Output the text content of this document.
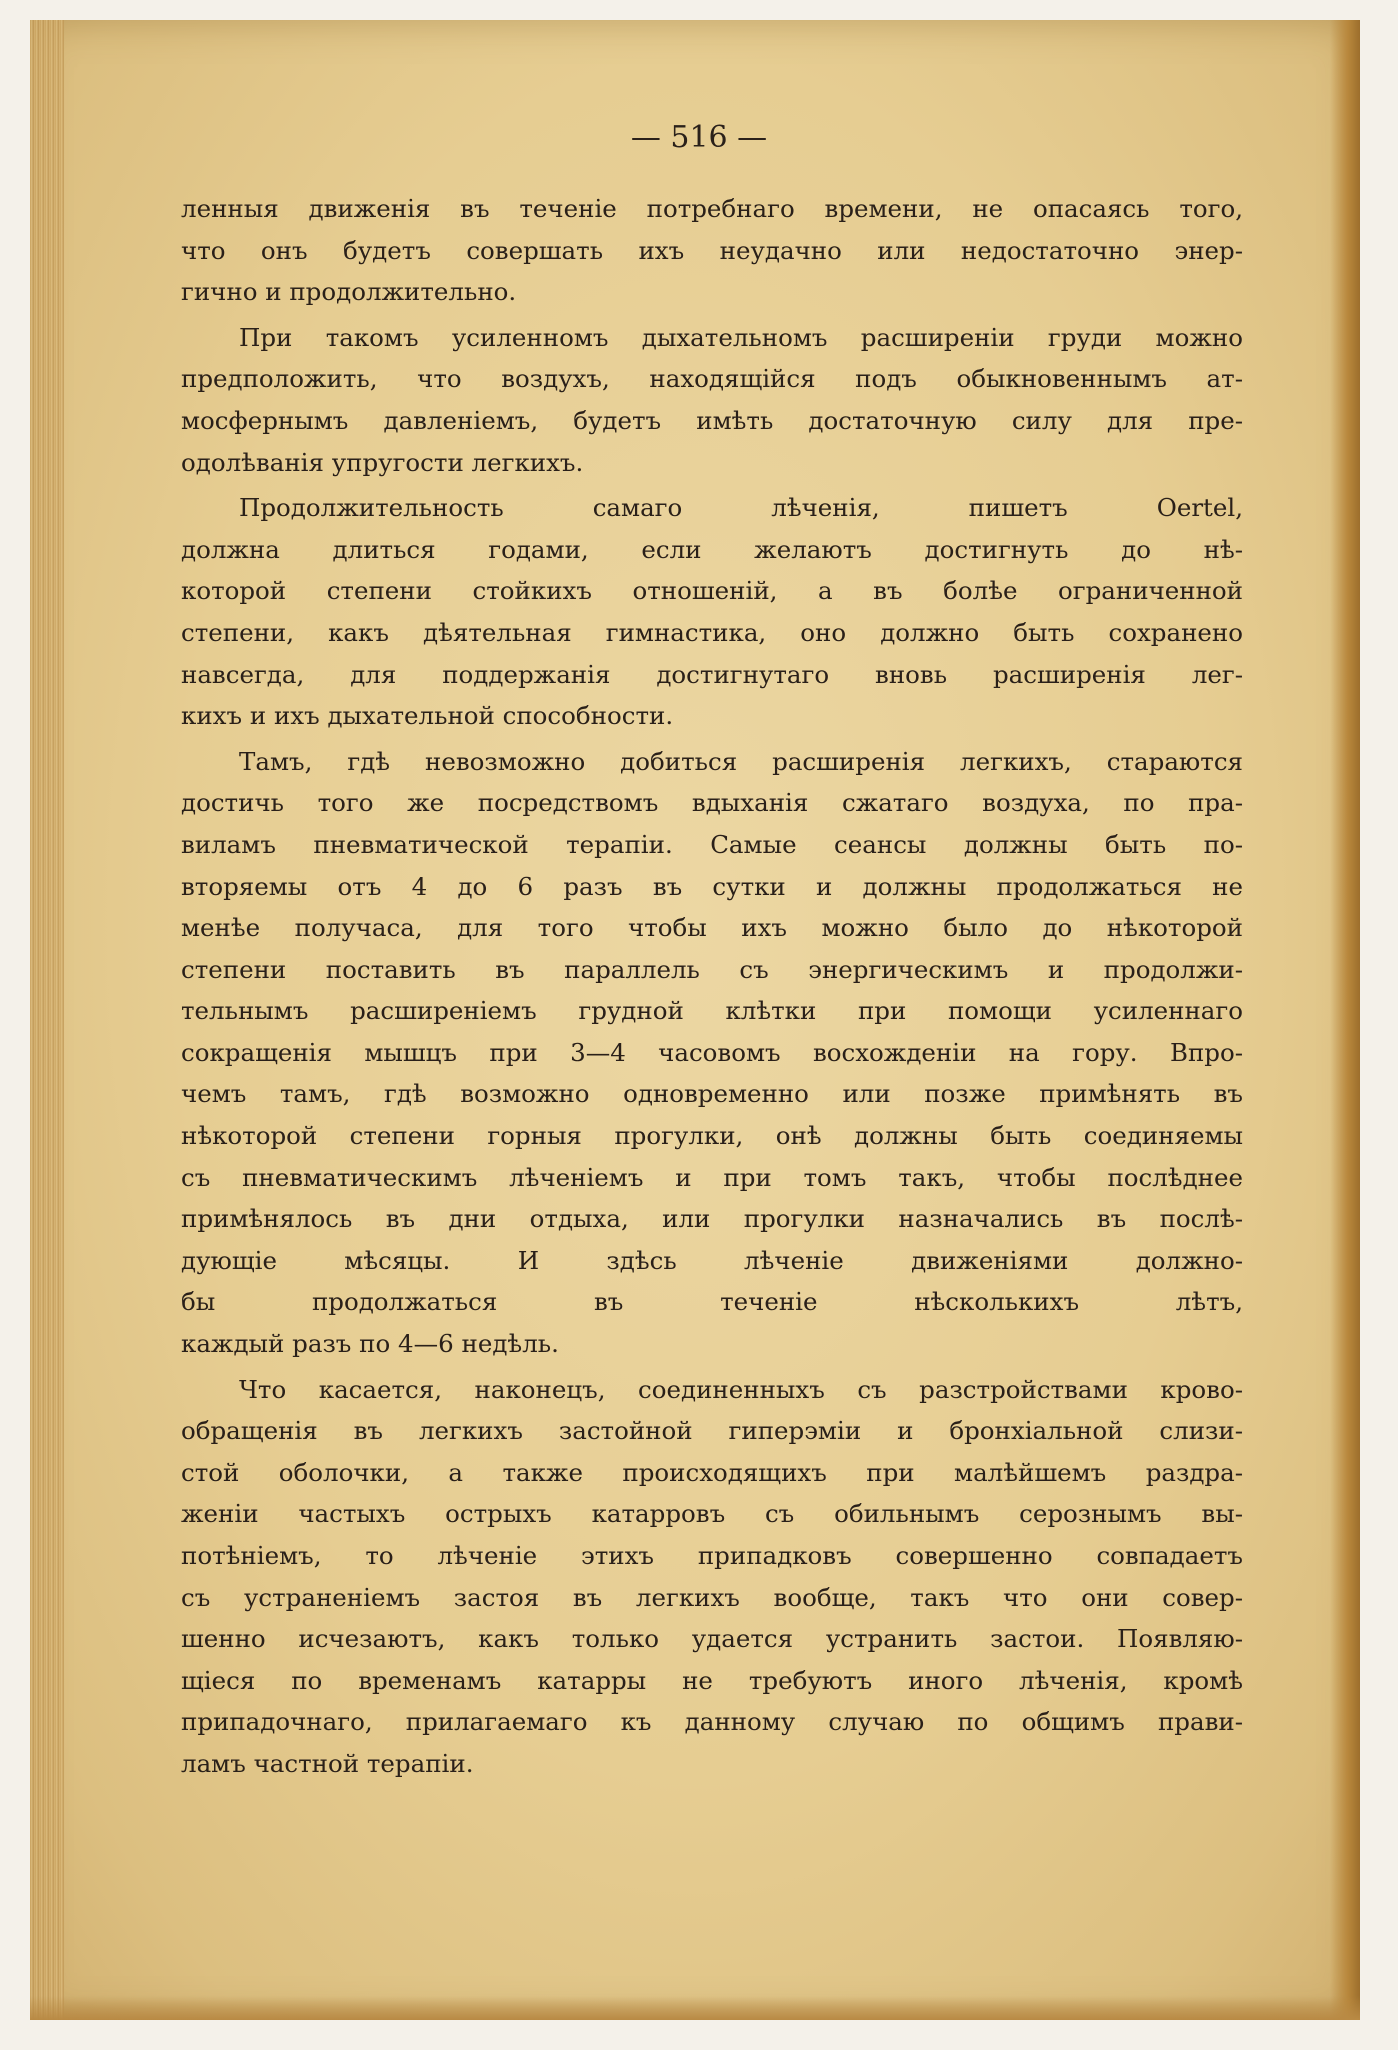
— 516 —
ленныя движенія въ теченіе потребнаго времени, не опасаясь того,
что онъ будетъ совершать ихъ неудачно или недостаточно энер-
гично и продолжительно.
При такомъ усиленномъ дыхательномъ расширеніи груди можно
предположить, что воздухъ, находящійся подъ обыкновеннымъ ат-
мосфернымъ давленіемъ, будетъ имѣть достаточную силу для пре-
одолѣванія упругости легкихъ.
Продолжительность самаго лѣченія, пишетъ Oertel,
должна длиться годами, если желаютъ достигнуть до нѣ-
которой степени стойкихъ отношеній, а въ болѣе ограниченной
степени, какъ дѣятельная гимнастика, оно должно быть сохранено
навсегда, для поддержанія достигнутаго вновь расширенія лег-
кихъ и ихъ дыхательной способности.
Тамъ, гдѣ невозможно добиться расширенія легкихъ, стараются
достичь того же посредствомъ вдыханія сжатаго воздуха, по пра-
виламъ пневматической терапіи. Самые сеансы должны быть по-
вторяемы отъ 4 до 6 разъ въ сутки и должны продолжаться не
менѣе получаса, для того чтобы ихъ можно было до нѣкоторой
степени поставить въ параллель съ энергическимъ и продолжи-
тельнымъ расширеніемъ грудной клѣтки при помощи усиленнаго
сокращенія мышцъ при 3—4 часовомъ восхожденіи на гору. Впро-
чемъ тамъ, гдѣ возможно одновременно или позже примѣнять въ
нѣкоторой степени горныя прогулки, онѣ должны быть соединяемы
съ пневматическимъ лѣченіемъ и при томъ такъ, чтобы послѣднее
примѣнялось въ дни отдыха, или прогулки назначались въ послѣ-
дующіе мѣсяцы. И здѣсь лѣченіе движеніями должно-
бы продолжаться въ теченіе нѣсколькихъ лѣтъ,
каждый разъ по 4—6 недѣль.
Что касается, наконецъ, соединенныхъ съ разстройствами крово-
обращенія въ легкихъ застойной гиперэміи и бронхіальной слизи-
стой оболочки, а также происходящихъ при малѣйшемъ раздра-
женіи частыхъ острыхъ катарровъ съ обильнымъ серознымъ вы-
потѣніемъ, то лѣченіе этихъ припадковъ совершенно совпадаетъ
съ устраненіемъ застоя въ легкихъ вообще, такъ что они совер-
шенно исчезаютъ, какъ только удается устранить застои. Появляю-
щіеся по временамъ катарры не требуютъ иного лѣченія, кромѣ
припадочнаго, прилагаемаго къ данному случаю по общимъ прави-
ламъ частной терапіи.
